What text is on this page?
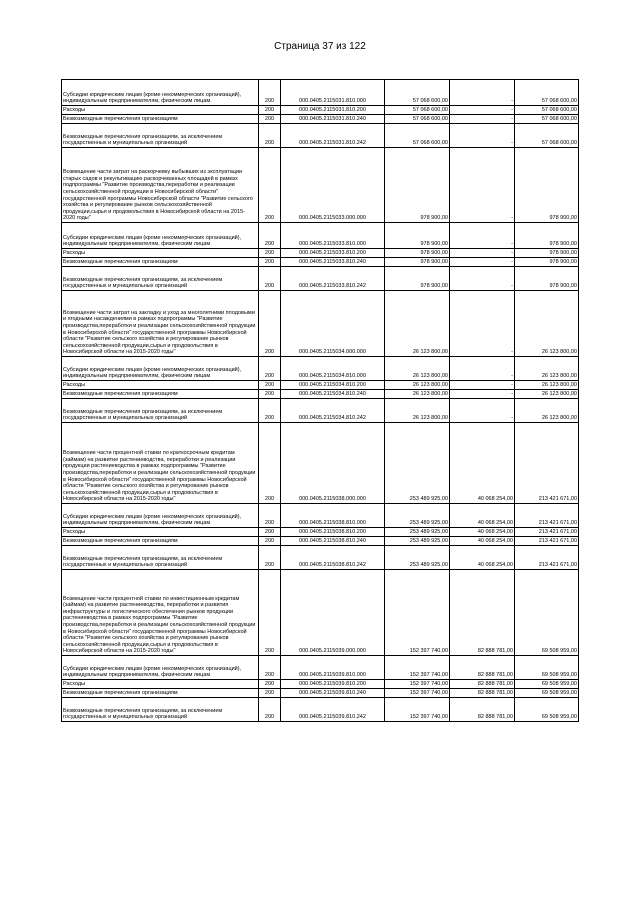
Страница 37 из 122
Субсидии юридическим лицам (кроме некоммерческих организаций), индивидуальным предпринимателям, физическим лицам	200	000.0405.2115031.810.000	57 068 600,00	-	57 068 600,00
Расходы	200	000.0405.2115031.810.200	57 068 600,00	-	57 068 600,00
Безвозмездные перечисления организациям	200	000.0405.2115031.810.240	57 068 600,00	-	57 068 600,00
Безвозмездные перечисления организациям, за исключением государственных и муниципальных организаций	200	000.0405.2115031.810.242	57 068 600,00	-	57 068 600,00
Возмещение части затрат на раскорчевку выбывших из эксплуатации старых садов и рекультивацию раскорчеванных площадей в рамках подпрограммы "Развитие производства,переработки и реализации сельскохозяйственной продукции в Новосибирской области" государственной программы Новосибирской области "Развитие сельского хозяйства и регулирование рынков сельскохозяйственной продукции,сырья и продовольствия в Новосибирской области на 2015-2020 годы"	200	000.0405.2115033.000.000	978 900,00	-	978 900,00
Субсидии юридическим лицам (кроме некоммерческих организаций), индивидуальным предпринимателям, физическим лицам	200	000.0405.2115033.810.000	978 900,00	-	978 900,00
Расходы	200	000.0405.2115033.810.200	978 900,00	-	978 900,00
Безвозмездные перечисления организациям	200	000.0405.2115033.810.240	978 900,00	-	978 900,00
Безвозмездные перечисления организациям, за исключением государственных и муниципальных организаций	200	000.0405.2115033.810.242	978 900,00	-	978 900,00
Возмещение части затрат на закладку и уход за многолетними плодовыми и ягодными насаждениями в рамках подпрограммы "Развитие производства,переработки и реализации сельскохозяйственной продукции в Новосибирской области" государственной программы Новосибирской области "Развитие сельского хозяйства и регулирование рынков сельскохозяйственной продукции,сырья и продовольствия в Новосибирской области на 2015-2020 годы"	200	000.0405.2115034.000.000	26 123 800,00	-	26 123 800,00
Субсидии юридическим лицам (кроме некоммерческих организаций), индивидуальным предпринимателям, физическим лицам	200	000.0405.2115034.810.000	26 123 800,00	-	26 123 800,00
Расходы	200	000.0405.2115034.810.200	26 123 800,00	-	26 123 800,00
Безвозмездные перечисления организациям	200	000.0405.2115034.810.240	26 123 800,00	-	26 123 800,00
Безвозмездные перечисления организациям, за исключением государственных и муниципальных организаций	200	000.0405.2115034.810.242	26 123 800,00	-	26 123 800,00
Возмещение части процентной ставки по краткосрочным кредитам (займам) на развитие растениеводства, переработки и реализации продукции растениеводства в рамках подпрограммы "Развитие производства,переработки и реализации сельскохозяйственной продукции в Новосибирской области" государственной программы Новосибирской области "Развитие сельского хозяйства и регулирование рынков сельскохозяйственной продукции,сырья и продовольствия в Новосибирской области на 2015-2020 годы"	200	000.0405.2115038.000.000	253 489 925,00	40 068 254,00	213 421 671,00
Субсидии юридическим лицам (кроме некоммерческих организаций), индивидуальным предпринимателям, физическим лицам	200	000.0405.2115038.810.000	253 489 925,00	40 068 254,00	213 421 671,00
Расходы	200	000.0405.2115038.810.200	253 489 925,00	40 068 254,00	213 421 671,00
Безвозмездные перечисления организациям	200	000.0405.2115038.810.240	253 489 925,00	40 068 254,00	213 421 671,00
Безвозмездные перечисления организациям, за исключением государственных и муниципальных организаций	200	000.0405.2115038.810.242	253 489 925,00	40 068 254,00	213 421 671,00
Возмещение части процентной ставки по инвестиционным кредитам (займам) на развитие растениеводства, переработки и развития инфраструктуры и логистического обеспечения рынков продукции растениеводства в рамках подпрограммы "Развитие производства,переработки и реализации сельскохозяйственной продукции в Новосибирской области" государственной программы Новосибирской области "Развитие сельского хозяйства и регулирование рынков сельскохозяйственной продукции,сырья и продовольствия в Новосибирской области на 2015-2020 годы"	200	000.0405.2115039.000.000	152 397 740,00	82 888 781,00	69 508 959,00
Субсидии юридическим лицам (кроме некоммерческих организаций), индивидуальным предпринимателям, физическим лицам	200	000.0405.2115039.810.000	152 397 740,00	82 888 781,00	69 508 959,00
Расходы	200	000.0405.2115039.810.200	152 397 740,00	82 888 781,00	69 508 959,00
Безвозмездные перечисления организациям	200	000.0405.2115039.810.240	152 397 740,00	82 888 781,00	69 508 959,00
Безвозмездные перечисления организациям, за исключением государственных и муниципальных организаций	200	000.0405.2115039.810.242	152 397 740,00	82 888 781,00	69 508 959,00
